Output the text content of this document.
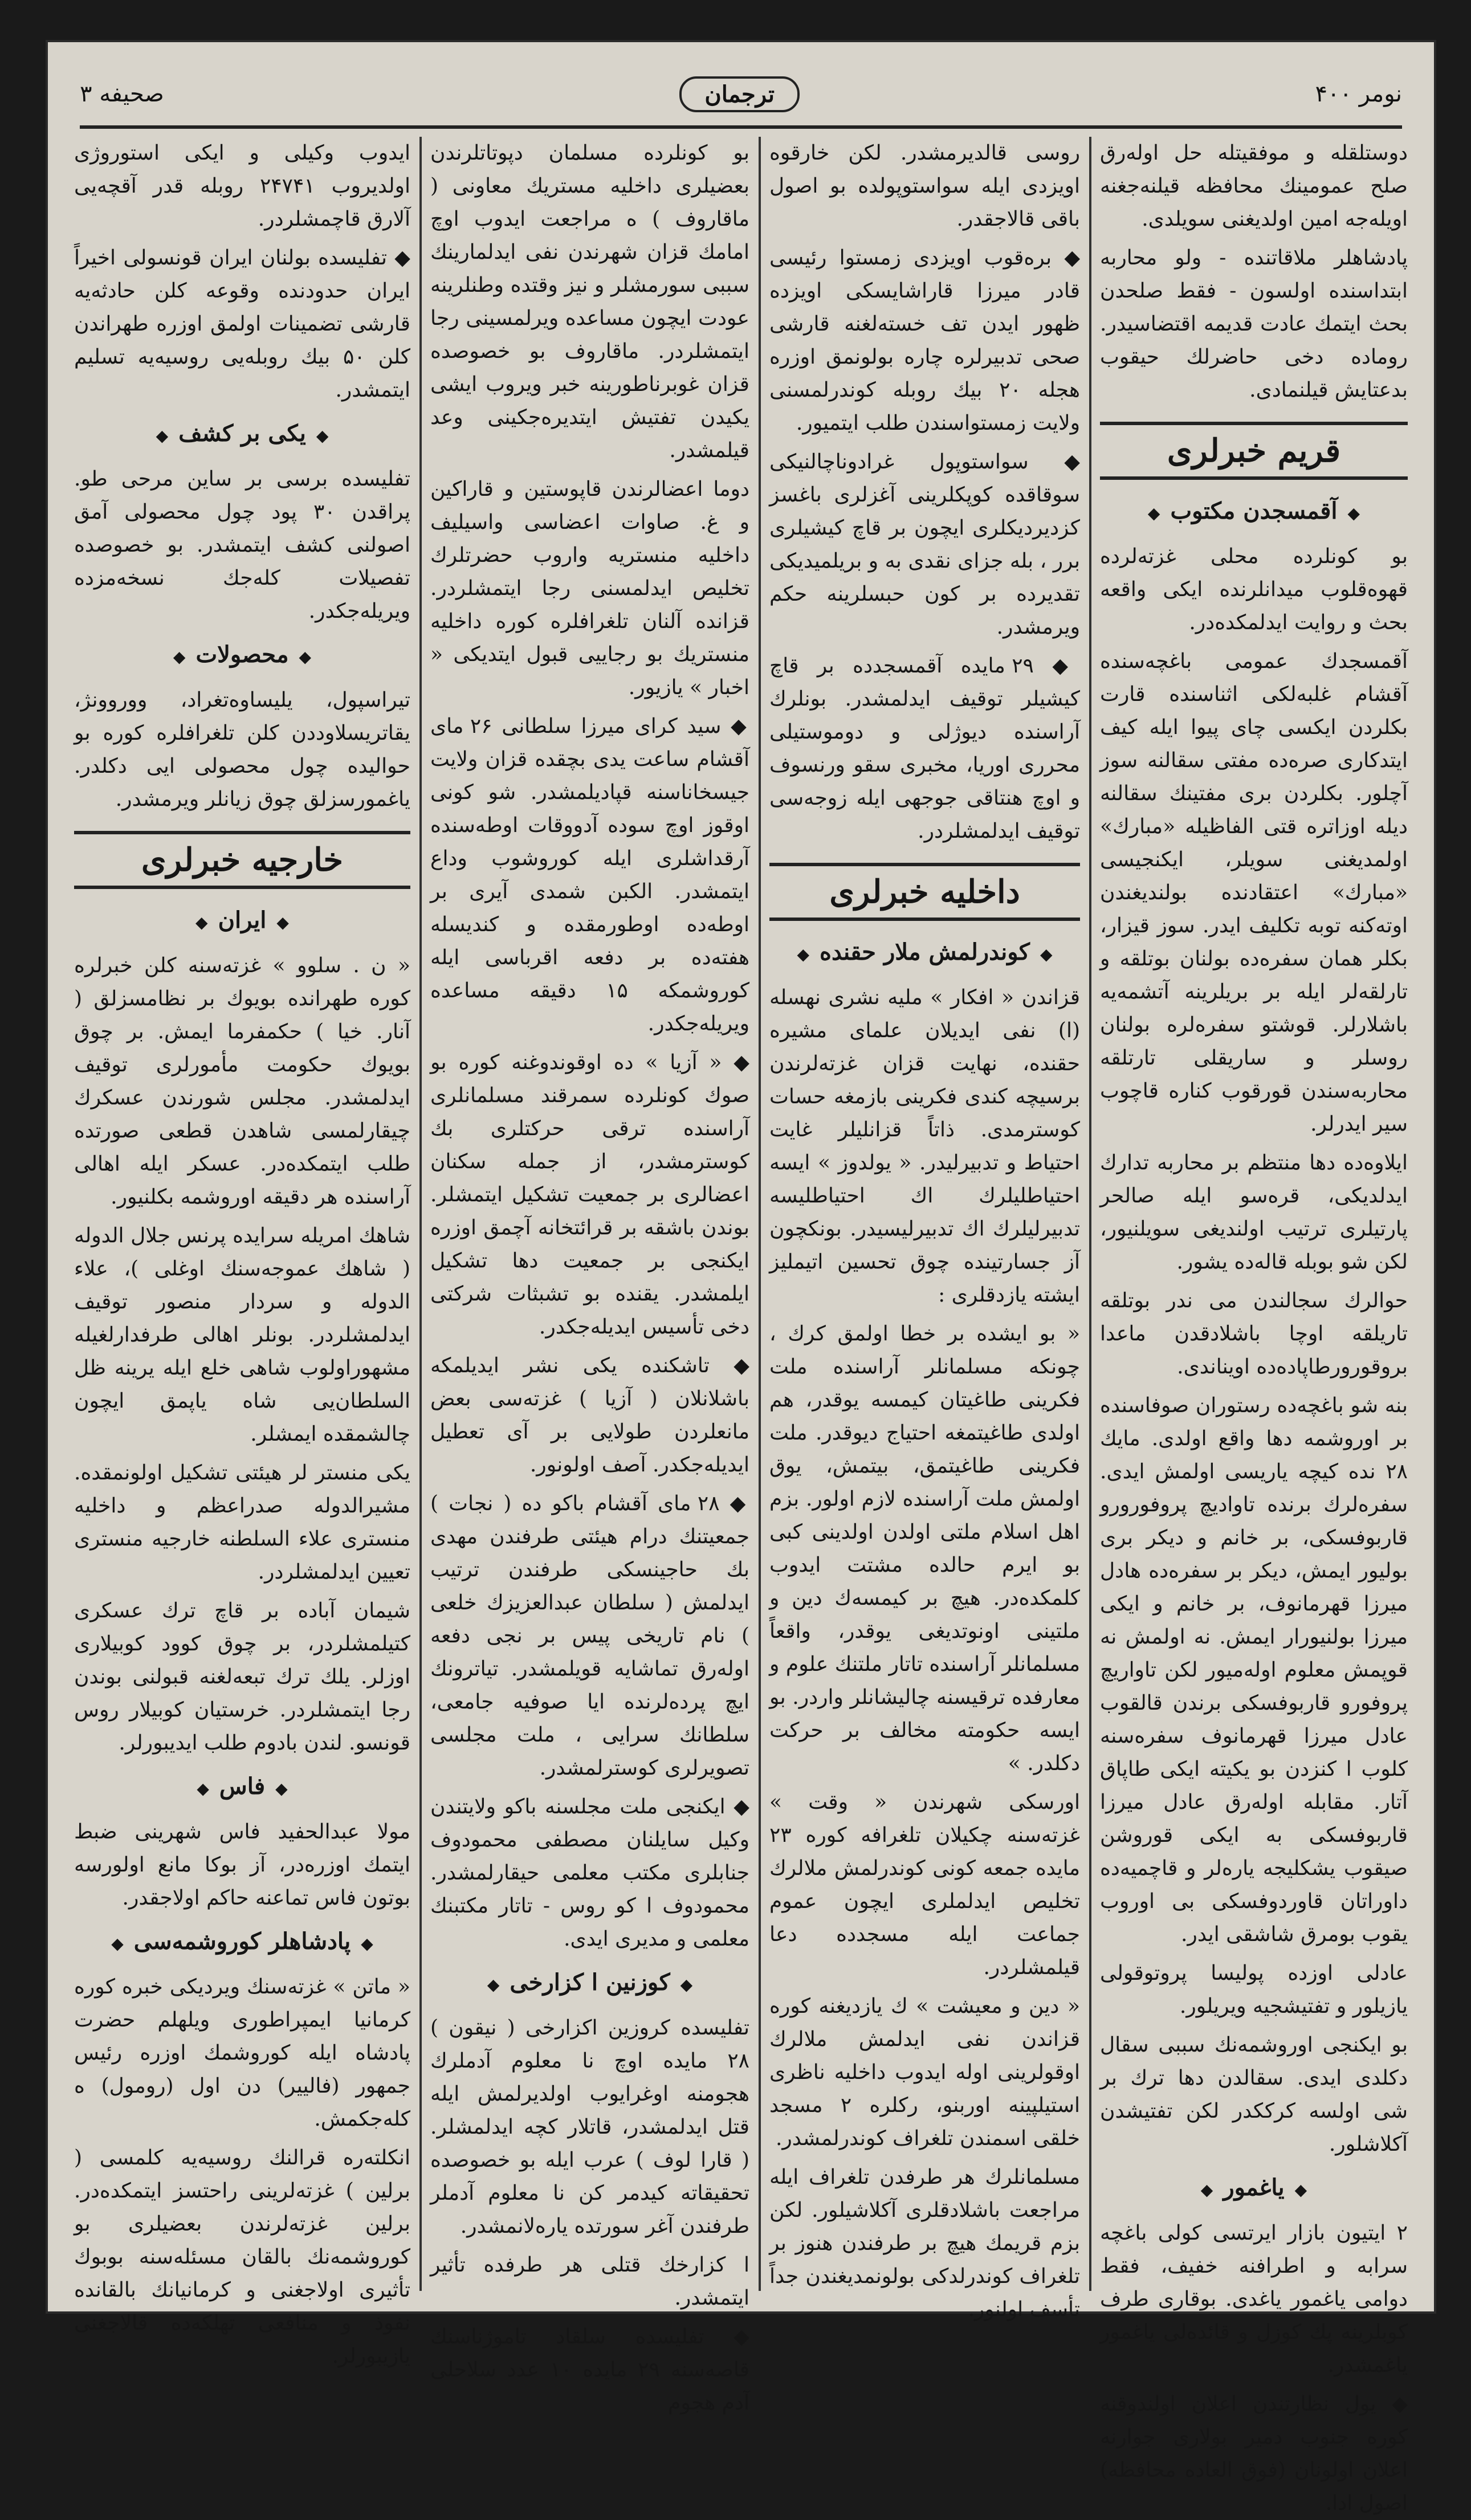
نومر ۴۰۰
ترجمان
صحیفه ۳

دوستلقلە و موفقیتلە حل اولەرق صلح عمومینك محافظە قیلنەجغنە اویلەجە امین اولدیغنی سویلدی.

پادشاهلر ملاقاتندە - ولو محاربە ابتداسندە اولسون - فقط صلحدن بحث ایتمك عادت قدیمە اقتضاسیدر. رومادە دخی حاضرلك حیقوب بدعتایش قیلنمادی.

قریم خبرلری
◆ آقمسجدن مكتوب ◆

بو كونلردە محلی غزتەلردە قهوەقلوب میدانلرندە ایكی واقعە بحث و روایت ایدلمكدەدر.

آقمسجدك عمومی باغچەسندە آقشام غلبەلكی اثناسندە قارت بكلردن ایكسی چای پیوا ایلە كیف ایتدكاری صرەدە مفتی سقالنە سوز آچلور. بكلردن بری مفتینك سقالنە دیلە اوزاترە قتی الفاظیلە «مبارك» اولمدیغنی سویلر، ایكنجیسی «مبارك» اعتقادندە بولندیغندن اوتەكنە توبە تكلیف ایدر. سوز قیزار، بكلر همان سفرەدە بولنان بوتلقە و تارلقەلر ایلە بر بریلرینە آتشمەیە باشلارلر. قوشتو سفرەلرە بولنان روسلر و ساریقلی تارتلقە محاربەسندن قورقوب كنارە قاچوب سیر ایدرلر.

ایلاوەدە دها منتظم بر محاربە تدارك ایدلدیكی، قرەسو ایلە صالحر پارتیلری ترتیب اولندیغی سویلنیور، لكن شو بوبلە قالەدە یشور.

حوالرك سجالندن می ندر بوتلقە تاریلقە اوچا باشلادقدن ماعدا بروقورورطاپادەدە اویناندی.

بنە شو باغچەدە رستوران صوفاسندە بر اوروشمە دها واقع اولدی. مایك ۲۸ ندە كیچە یاریسی اولمش ایدی. سفرەلرك برندە تاوادیچ پروفورورو قاربوفسكی، بر خانم و دیكر بری بولیور ایمش، دیكر بر سفرەدە هادل میرزا قهرمانوف، بر خانم و ایكی میرزا بولنیورار ایمش. نە اولمش نە قوپمش معلوم اولەمیور لكن تاواریچ پروفورو قاربوفسكی برندن قالقوب عادل میرزا قهرمانوف سفرەسنە كلوب ا كنزدن بو یكیتە ایكی طاپاق آتار. مقابلە اولەرق عادل میرزا قاربوفسكی بە ایكی قوروشن صیقوب یشكلیجە یارەلر و قاچمیەدە داوراتان قاوردوفسكی بی اوروب یقوب بومرق شاشقی ایدر.

عادلی اوزدە پولیسا پروتوقولی یازیلور و تفتیشجیە ویریلور.

بو ایكنجی اوروشمەنك سببی سقال دكلدی ایدی. سقالدن دها ترك بر شی اولسە كرككدر لكن تفتیشدن آكلاشلور.

◆ یاغمور ◆

۲ ایتیون بازار ایرتسی كولی باغچە سرابە و اطرافنە خفیف، فقط دوامی یاغمور یاغدی. بوقاری طرف كوبلرینە پك كوزل و قائدەلی یاغمور یاغمشدر.

◆ یول نظارتندن اعلان اولندوقنە كورە جنوب دمیر بولاری جوارنە اعلان اولونان (فوق العادە محافظە) اصول ادا.

روسی قالدیرمشدر. لكن خارقوە اویزدی ایلە سواستوپولدە بو اصول باقی قالاجقدر.

◆ برەقوب اویزدی زمستوا رئیسی قادر میرزا قاراشایسكی اویزدە ظهور ایدن تف خستەلغنە قارشی صحی تدبیرلرە چارە بولونمق اوزرە هجلە ۲۰ بیك روبلە كوندرلمسنی ولایت زمستواسندن طلب ایتمیور.

◆ سواستوپول غرادوناچالنیكی سوقاقدە كوپكلرینی آغزلری باغسز كزدیردیكلری ایچون بر قاچ كیشیلری برر ، بلە جزای نقدی بە و بریلمیدیكی تقدیردە بر كون حبسلرینە حكم ویرمشدر.

◆ ۲۹ مایدە آقمسجددە بر قاچ كیشیلر توقیف ایدلمشدر. بونلرك آراسندە دیوژلی و دوموستیلی محرری اوریا، مخبری سقو ورنسوف و اوچ هنتاقی جوجهی ایلە زوجەسی توقیف ایدلمشلردر.

داخلیە خبرلری
◆ كوندرلمش ملار حقندە ◆

قزاندن « افكار » ملیە نشری نهسلە (ا) نفی ایدیلان علمای مشیرە حقندە، نهایت قزان غزتەلرندن برسیچە كندی فكرینی بازمغە حسات كوسترمدی. ذاتاً قزانلیلر غایت احتیاط و تدبیرلیدر. « یولدوز » ایسە احتیاطلیلرك اك احتیاطلیسە تدبیرلیلرك اك تدبیرلیسیدر. بونكچون آز جسارتیندە چوق تحسین اتیملیز ایشتە یازدقلری :

« بو ایشدە بر خطا اولمق كرك ، چونكە مسلمانلر آراسندە ملت فكرینی طاغیتان كیمسە یوقدر، هم اولدی طاغیتمغە احتیاج دیوقدر. ملت فكرینی طاغیتمق، بیتمش، یوق اولمش ملت آراسندە لازم اولور. بزم اهل اسلام ملتی اولدن اولدینی كبی بو ایرم حالدە مشتت ایدوب كلمكدەدر. هیچ بر كیمسەك دین و ملتینی اونوتدیغی یوقدر، واقعاً مسلمانلر آراسندە تاتار ملتنك علوم و معارفدە ترقیسنە چالیشانلر واردر. بو ایسە حكومتە مخالف بر حركت دكلدر. »

اورسكی شهرندن « وقت » غزتەسنە چكیلان تلغرافە كورە ۲۳ مایدە جمعە كونی كوندرلمش ملالرك تخلیص ایدلملری ایچون عموم جماعت ایلە مسجددە دعا قیلمشلردر.

« دین و معیشت » ك یازدیغنە كورە قزاندن نفی ایدلمش ملالرك اوقولرینی اولە ایدوب داخلیە ناظری استیلپینە اوربنو، ركلرە ۲ مسجد خلقی اسمندن تلغراف كوندرلمشدر.

مسلمانلرك هر طرفدن تلغراف ایلە مراجعت باشلادقلری آكلاشیلور. لكن بزم قریمك هیچ بر طرفندن هنوز بر تلغراف كوندرلدكی بولونمدیغندن جداً تأسف اولنور.

بو كونلردە مسلمان دپوتاتلرندن بعضیلری داخلیە مستریك معاونی ( ماقاروف ) ە مراجعت ایدوب اوچ امامك قزان شهرندن نفی ایدلمارینك سببی سورمشلر و نیز وقتدە وطنلرینە عودت ایچون مساعدە ویرلمسینی رجا ایتمشلردر. ماقاروف بو خصوصدە قزان غوبرناطورینە خبر ویروب ایشی یكیدن تفتیش ایتدیرەجكینی وعد قیلمشدر.

دوما اعضالرندن قاپوستین و قاراكین و غ. صاوات اعضاسی واسیلیف داخلیە منستریە واروب حضرتلرك تخلیص ایدلمسنی رجا ایتمشلردر. قزاندە آلنان تلغرافلرە كورە داخلیە منستریك بو رجاییی قبول ایتدیكی « اخبار » یازیور.

◆ سید كرای میرزا سلطانی ۲۶ مای آقشام ساعت یدی بچقدە قزان ولایت جیسخاناسنە قپادیلمشدر. شو كونی اوقوز اوچ سوده آدووقات اوطەسندە آرقداشلری ایلە كوروشوب وداع ایتمشدر. الكبن شمدی آیری بر اوطەدە اوطورمقدە و كندیسلە هفتەدە بر دفعە اقرباسی ایلە كوروشمكە ۱۵ دقیقە مساعدە ویریلەجكدر.

◆ « آزیا » دە اوقوندوغنە كورە بو صوك كونلردە سمرقند مسلمانلری آراسندە ترقی حركتلری بك كوسترمشدر، از جملە سكنان اعضالری بر جمعیت تشكیل ایتمشلر. بوندن باشقە بر قرائتخانە آچمق اوزرە ایكنجی بر جمعیت دها تشكیل ایلمشدر. یقندە بو تشبثات شركتی دخی تأسیس ایدیلەجكدر.

◆ تاشكندە یكی نشر ایدیلمكە باشلانلان ( آزیا ) غزتەسی بعض مانعلردن طولایی بر آی تعطیل ایدیلەجكدر. آصف اولونور.

◆ ۲۸ مای آقشام باكو دە ( نجات ) جمعیتنك درام هیئتی طرفندن مهدی بك حاجینسكی طرفندن ترتیب ایدلمش ( سلطان عبدالعزیزك خلعی ) نام تاریخی پیس بر نجی دفعە اولەرق تماشایە قویلمشدر. تیاترونك ایچ پردەلرندە ایا صوفیە جامعی، سلطانك سرایی ، ملت مجلسی تصویرلری كوسترلمشدر.

◆ ایكنجی ملت مجلسنە باكو ولایتندن وكیل سایلنان مصطفی محمودوف جنابلری مكتب معلمی حیقارلمشدر. محمودوف ا كو روس - تاتار مكتبنك معلمی و مدیری ایدی.

◆ كوزنین ا كزارخی ◆

تفلیسدە كروزین اكزارخی ( نیقون ) ۲۸ مایدە اوچ نا معلوم آدملرك هجومنە اوغرایوب اولدیرلمش ایلە قتل ایدلمشدر، قاتلار كچە ایدلمشلر. ( قارا لوف ) عرب ایلە بو خصوصدە تحقیقاتە كیدمر كن نا معلوم آدملر طرفندن آغر سورتدە یارەلانمشدر.

ا كزارخك قتلی هر طرفدە تأثیر ایتمشدر.

◆ تفلیسدە سلقاد تاموژناسنك قاصەسنە ۲۹ مایدە ۱۰ عدد سلاحلی آدم هجوم

ایدوب وكیلی و ایكی استوروژی اولدیروب ۲۴۷۴۱ روبلە قدر آقچەیی آلارق قاچمشلردر.

◆ تفلیسدە بولنان ایران قونسولی اخیراً ایران حدودندە وقوعە كلن حادثەیە قارشی تضمینات اولمق اوزرە طهراندن كلن ۵۰ بیك روبلەیی روسیەیە تسلیم ایتمشدر.

◆ یكی بر كشف ◆

تفلیسدە برسی بر ساین مرحی طو. پراقدن ۳۰ پود چول محصولی آمق اصولنی كشف ایتمشدر. بو خصوصدە تفصیلات كلەجك نسخەمزدە ویریلەجكدر.

◆ محصولات ◆

تیراسپول، یلیساوەتغراد، ووروونژ، یقاتریسلاوددن كلن تلغرافلرە كورە بو حوالیدە چول محصولی ایی دكلدر. یاغمورسزلق چوق زیانلر ویرمشدر.

خارجیە خبرلری
◆ ایران ◆

« ن . سلوو » غزتەسنە كلن خبرلرە كورە طهراندە بویوك بر نظامسزلق ( آنار. خیا ) حكمفرما ایمش. بر چوق بویوك حكومت مأمورلری توقیف ایدلمشدر. مجلس شورندن عسكرك چیقارلمسی شاهدن قطعی صورتدە طلب ایتمكدەدر. عسكر ایلە اهالی آراسندە هر دقیقە اوروشمە بكلنیور.

شاهك امریلە سرایدە پرنس جلال الدولە ( شاهك عموجەسنك اوغلی )، علاء الدولە و سردار منصور توقیف ایدلمشلردر. بونلر اهالی طرفدارلغیلە مشهوراولوب شاهی خلع ایلە یرینە ظل السلطان‌یی شاه یاپمق ایچون چالشمقدە ایمشلر.

یكی منستر لر هیئتی تشكیل اولونمقدە. مشیرالدولە صدراعظم و داخلیە منستری علاء السلطنە خارجیە منستری تعیین ایدلمشلردر.

شیمان آبادە بر قاچ ترك عسكری كتیلمشلردر، بر چوق كوود كوبیلاری اوزلر. یلك ترك تبعەلغنە قبولنی بوندن رجا ایتمشلردر. خرستیان كوبیلار روس قونسو. لندن بادوم طلب ایدیبورلر.

◆ فاس ◆

مولا عبدالحفید فاس شهرینی ضبط ایتمك اوزرەدر، آز بوكا مانع اولورسە بوتون فاس تماعنە حاكم اولاجقدر.

◆ پادشاهلر كوروشمەسی ◆

« ماتن » غزتەسنك ویردیكی خبرە كورە كرمانیا ایمپراطوری ویلهلم حضرت پادشاه ایلە كوروشمك اوزرە رئیس جمهور (فالییر) دن اول (رومول) ە كلەجكمش.

انكلتەرە قرالنك روسیەیە كلمسی ( برلین ) غزتەلرینی راحتسز ایتمكدەدر. برلین غزتەلرندن بعضیلری بو كوروشمەنك بالقان مسئلەسنە بوبوك تأثیری اولاجغنی و كرمانیانك بالقاندە نفوذ و منافعی تهلكەدە قالاجغنی یازیبورلر.
